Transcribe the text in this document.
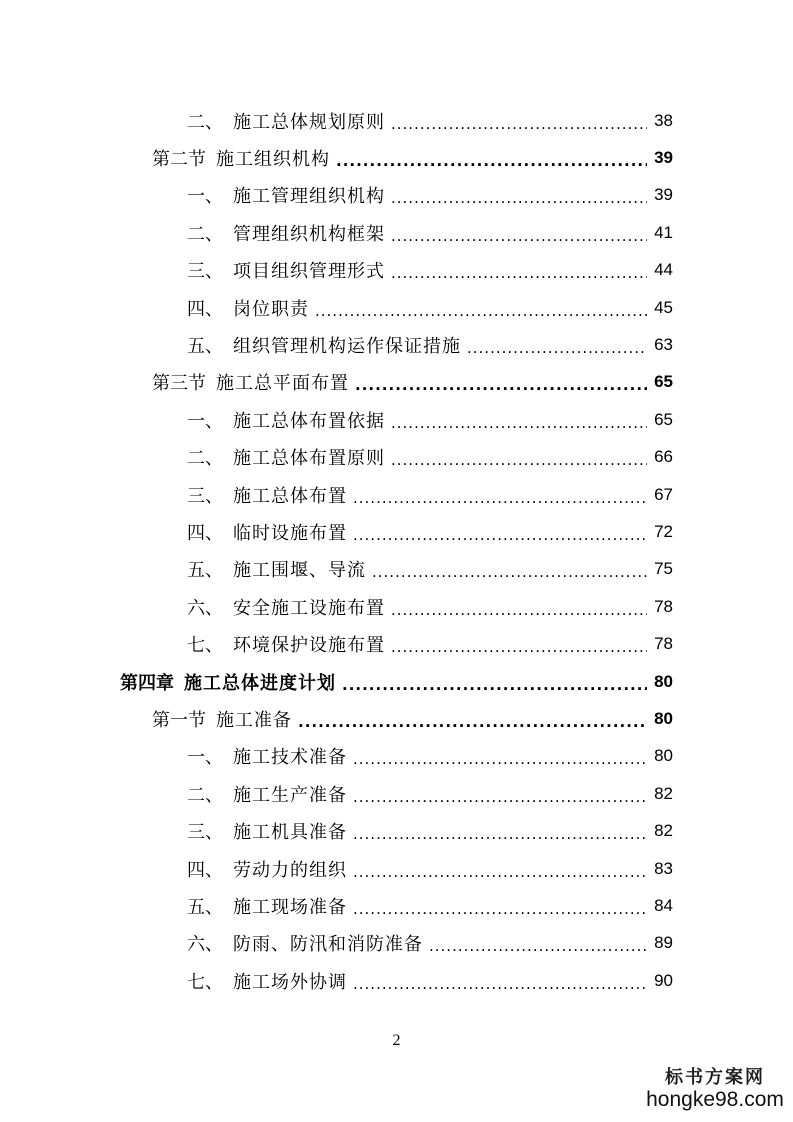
二、 施工总体规划原则 .....	38
第二节 施工组织机构 .....	39
一、 施工管理组织机构 .....	39
二、 管理组织机构框架 .....	41
三、 项目组织管理形式 .....	44
四、 岗位职责 .....	45
五、 组织管理机构运作保证措施 .....	63
第三节 施工总平面布置 .....	65
一、 施工总体布置依据 .....	65
二、 施工总体布置原则 .....	66
三、 施工总体布置 .....	67
四、 临时设施布置 .....	72
五、 施工围堰、导流 .....	75
六、 安全施工设施布置 .....	78
七、 环境保护设施布置 .....	78
第四章 施工总体进度计划 .....	80
第一节 施工准备 .....	80
一、 施工技术准备 .....	80
二、 施工生产准备 .....	82
三、 施工机具准备 .....	82
四、 劳动力的组织 .....	83
五、 施工现场准备 .....	84
六、 防雨、防汛和消防准备 .....	89
七、 施工场外协调 .....	90
2
标书方案网
hongke98.com
